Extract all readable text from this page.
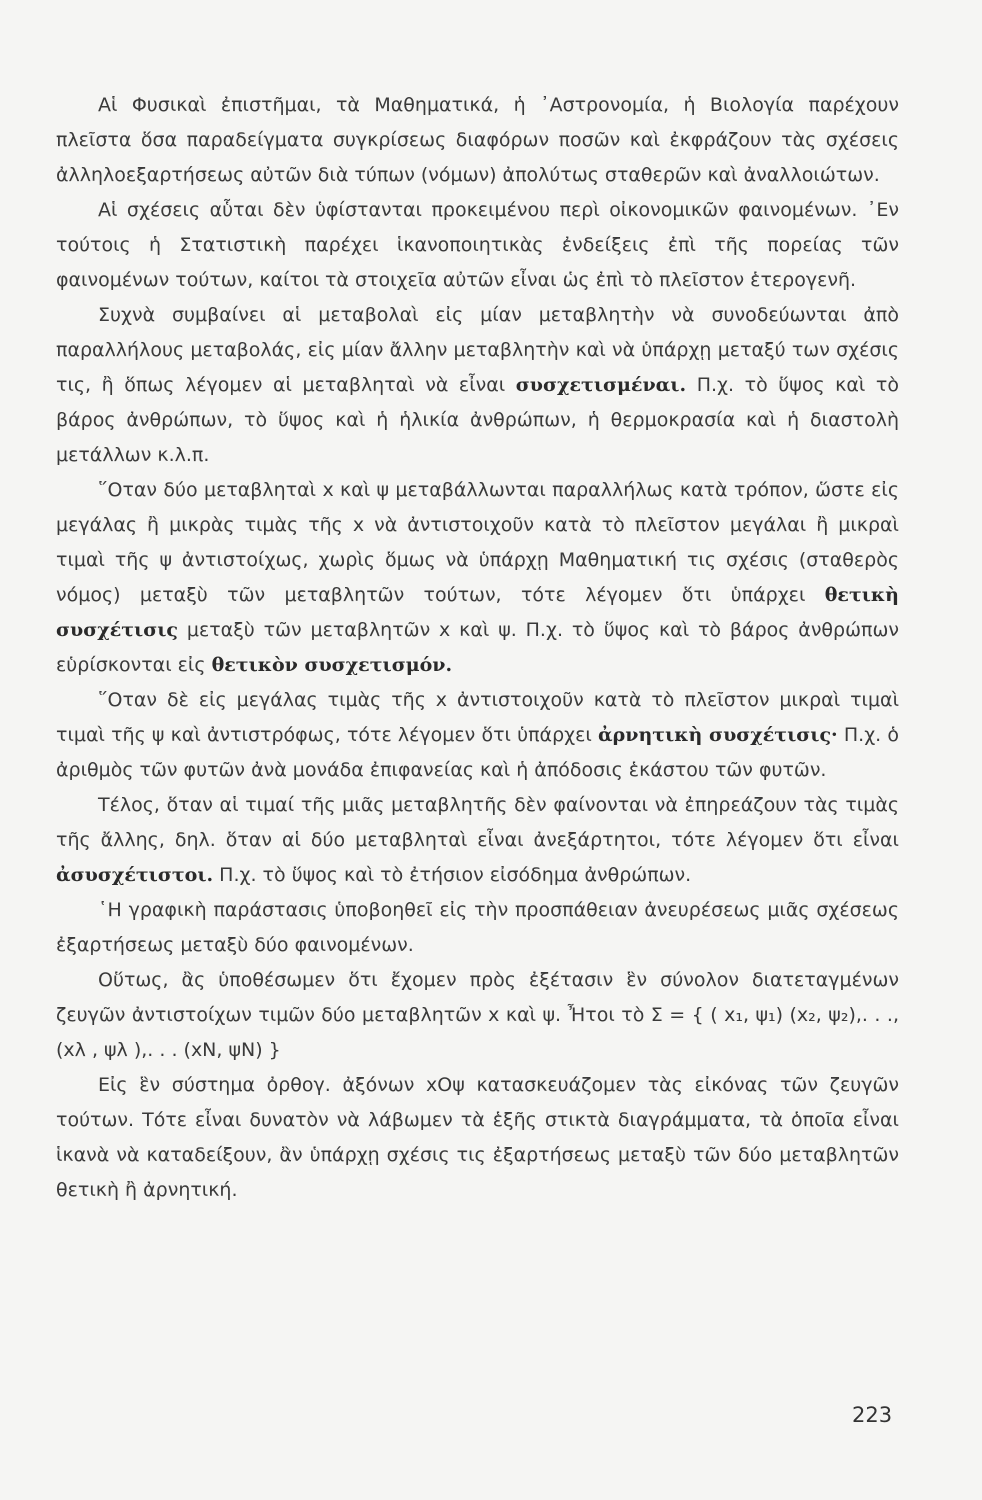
Αἱ Φυσικαὶ ἐπιστῆμαι, τὰ Μαθηματικά, ἡ ᾿Αστρονομία, ἡ Βιολογία παρέχουν πλεῖστα ὅσα παραδείγματα συγκρίσεως διαφόρων ποσῶν καὶ ἐκφράζουν τὰς σχέσεις ἀλληλοεξαρτήσεως αὐτῶν διὰ τύπων (νόμων) ἀπολύτως σταθερῶν καὶ ἀναλλοιώτων.

Αἱ σχέσεις αὗται δὲν ὑφίστανται προκειμένου περὶ οἰκονομικῶν φαινομένων. ᾿Εν τούτοις ἡ Στατιστικὴ παρέχει ἱκανοποιητικὰς ἐνδείξεις ἐπὶ τῆς πορείας τῶν φαινομένων τούτων, καίτοι τὰ στοιχεῖα αὐτῶν εἶναι ὡς ἐπὶ τὸ πλεῖστον ἑτερογενῆ.

Συχνὰ συμβαίνει αἱ μεταβολαὶ εἰς μίαν μεταβλητὴν νὰ συνοδεύωνται ἀπὸ παραλλήλους μεταβολάς, εἰς μίαν ἄλλην μεταβλητὴν καὶ νὰ ὑπάρχῃ μεταξύ των σχέσις τις, ἢ ὅπως λέγομεν αἱ μεταβληταὶ νὰ εἶναι συσχετισμέναι. Π.χ. τὸ ὕψος καὶ τὸ βάρος ἀνθρώπων, τὸ ὕψος καὶ ἡ ἡλικία ἀνθρώπων, ἡ θερμοκρασία καὶ ἡ διαστολὴ μετάλλων κ.λ.π.

῞Οταν δύο μεταβληταὶ x καὶ ψ μεταβάλλωνται παραλλήλως κατὰ τρόπον, ὥστε εἰς μεγάλας ἢ μικρὰς τιμὰς τῆς x νὰ ἀντιστοιχοῦν κατὰ τὸ πλεῖστον μεγάλαι ἢ μικραὶ τιμαὶ τῆς ψ ἀντιστοίχως, χωρὶς ὅμως νὰ ὑπάρχῃ Μαθηματική τις σχέσις (σταθερὸς νόμος) μεταξὺ τῶν μεταβλητῶν τούτων, τότε λέγομεν ὅτι ὑπάρχει θετικὴ συσχέτισις μεταξὺ τῶν μεταβλητῶν x καὶ ψ. Π.χ. τὸ ὕψος καὶ τὸ βάρος ἀνθρώπων εὑρίσκονται εἰς θετικὸν συσχετισμόν.

῞Οταν δὲ εἰς μεγάλας τιμὰς τῆς x ἀντιστοιχοῦν κατὰ τὸ πλεῖστον μικραὶ τιμαὶ τιμαὶ τῆς ψ καὶ ἀντιστρόφως, τότε λέγομεν ὅτι ὑπάρχει ἀρνητικὴ συσχέτισις· Π.χ. ὁ ἀριθμὸς τῶν φυτῶν ἀνὰ μονάδα ἐπιφανείας καὶ ἡ ἀπόδοσις ἑκάστου τῶν φυτῶν.

Τέλος, ὅταν αἱ τιμαί τῆς μιᾶς μεταβλητῆς δὲν φαίνονται νὰ ἐπηρεάζουν τὰς τιμὰς τῆς ἄλλης, δηλ. ὅταν αἱ δύο μεταβληταὶ εἶναι ἀνεξάρτητοι, τότε λέγομεν ὅτι εἶναι ἀσυσχέτιστοι. Π.χ. τὸ ὕψος καὶ τὸ ἐτήσιον εἰσόδημα ἀνθρώπων.

῾Η γραφικὴ παράστασις ὑποβοηθεῖ εἰς τὴν προσπάθειαν ἀνευρέσεως μιᾶς σχέσεως ἐξαρτήσεως μεταξὺ δύο φαινομένων.

Οὕτως, ἂς ὑποθέσωμεν ὅτι ἔχομεν πρὸς ἐξέτασιν ἓν σύνολον διατεταγμένων ζευγῶν ἀντιστοίχων τιμῶν δύο μεταβλητῶν x καὶ ψ. Ἦτοι τὸ Σ = { ( x₁, ψ₁) (x₂, ψ₂),. . ., (xλ , ψλ ),. . . (xN, ψN) }

Εἰς ἓν σύστημα ὀρθογ. ἀξόνων xOψ κατασκευάζομεν τὰς εἰκόνας τῶν ζευγῶν τούτων. Τότε εἶναι δυνατὸν νὰ λάβωμεν τὰ ἑξῆς στικτὰ διαγράμματα, τὰ ὁποῖα εἶναι ἱκανὰ νὰ καταδείξουν, ἂν ὑπάρχῃ σχέσις τις ἐξαρτήσεως μεταξὺ τῶν δύο μεταβλητῶν θετικὴ ἢ ἀρνητική.

223
